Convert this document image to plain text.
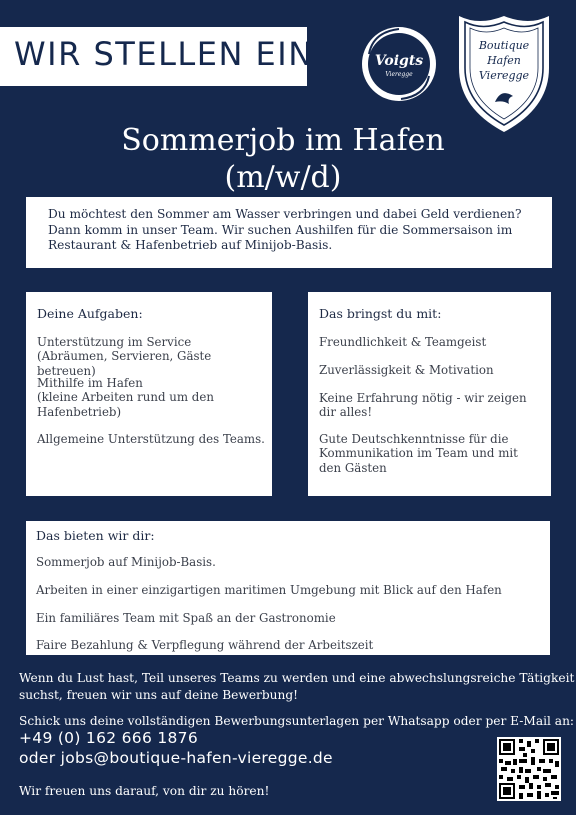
WIR STELLEN EIN	Voigts
Vieregge
Boutique
Hafen
Vieregge
Sommerjob im Hafen
(m/w/d)
Du möchtest den Sommer am Wasser verbringen und dabei Geld verdienen?
Dann komm in unser Team. Wir suchen Aushilfen für die Sommersaison im
Restaurant & Hafenbetrieb auf Minijob-Basis.
Deine Aufgaben:
Unterstützung im Service
(Abräumen, Servieren, Gäste betreuen)
Mithilfe im Hafen
(kleine Arbeiten rund um den
Hafenbetrieb)
Allgemeine Unterstützung des Teams.
Das bringst du mit:
Freundlichkeit & Teamgeist
Zuverlässigkeit & Motivation
Keine Erfahrung nötig - wir zeigen
dir alles!
Gute Deutschkenntnisse für die
Kommunikation im Team und mit
den Gästen
Das bieten wir dir:
Sommerjob auf Minijob-Basis.
Arbeiten in einer einzigartigen maritimen Umgebung mit Blick auf den Hafen
Ein familiäres Team mit Spaß an der Gastronomie
Faire Bezahlung & Verpflegung während der Arbeitszeit
Wenn du Lust hast, Teil unseres Teams zu werden und eine abwechslungsreiche Tätigkeit
suchst, freuen wir uns auf deine Bewerbung!
Schick uns deine vollständigen Bewerbungsunterlagen per Whatsapp oder per E-Mail an:
+49 (0) 162 666 1876
oder jobs@boutique-hafen-vieregge.de
Wir freuen uns darauf, von dir zu hören!
